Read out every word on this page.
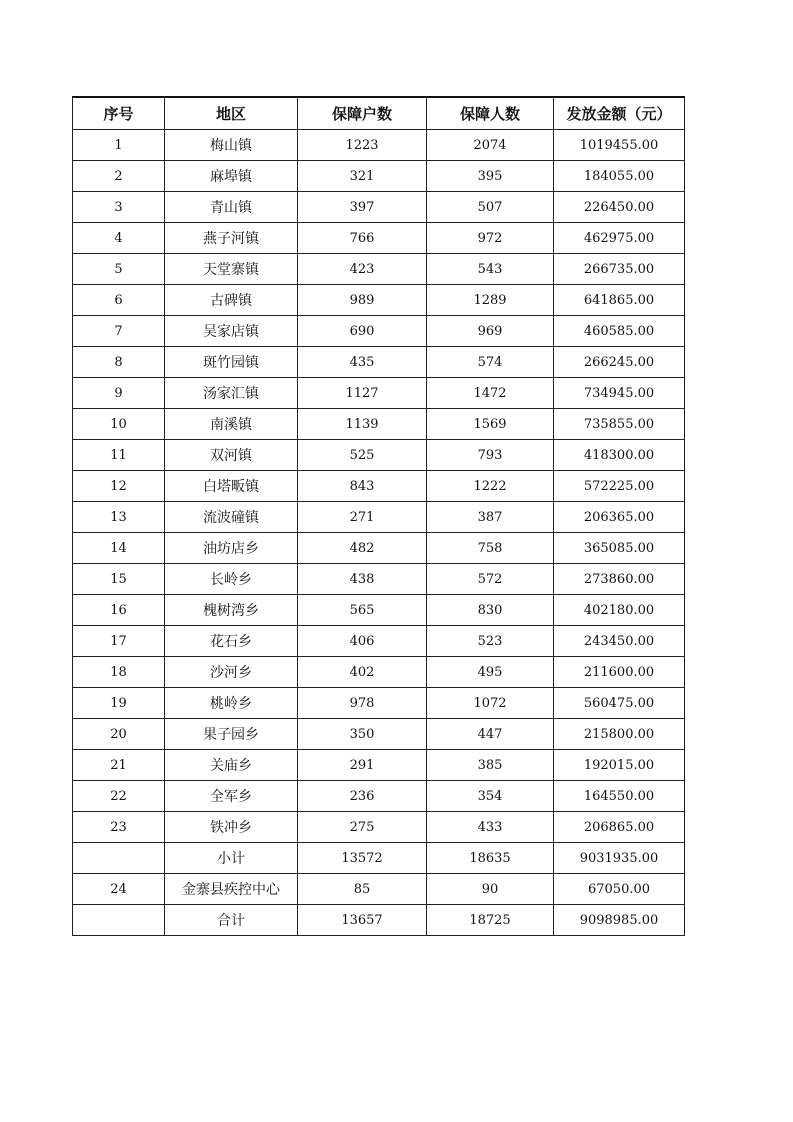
序号	地区	保障户数	保障人数	发放金额（元）
1	梅山镇	1223	2074	1019455.00
2	麻埠镇	321	395	184055.00
3	青山镇	397	507	226450.00
4	燕子河镇	766	972	462975.00
5	天堂寨镇	423	543	266735.00
6	古碑镇	989	1289	641865.00
7	吴家店镇	690	969	460585.00
8	斑竹园镇	435	574	266245.00
9	汤家汇镇	1127	1472	734945.00
10	南溪镇	1139	1569	735855.00
11	双河镇	525	793	418300.00
12	白塔畈镇	843	1222	572225.00
13	流波䃥镇	271	387	206365.00
14	油坊店乡	482	758	365085.00
15	长岭乡	438	572	273860.00
16	槐树湾乡	565	830	402180.00
17	花石乡	406	523	243450.00
18	沙河乡	402	495	211600.00
19	桃岭乡	978	1072	560475.00
20	果子园乡	350	447	215800.00
21	关庙乡	291	385	192015.00
22	全军乡	236	354	164550.00
23	铁冲乡	275	433	206865.00
	小计	13572	18635	9031935.00
24	金寨县疾控中心	85	90	67050.00
	合计	13657	18725	9098985.00
